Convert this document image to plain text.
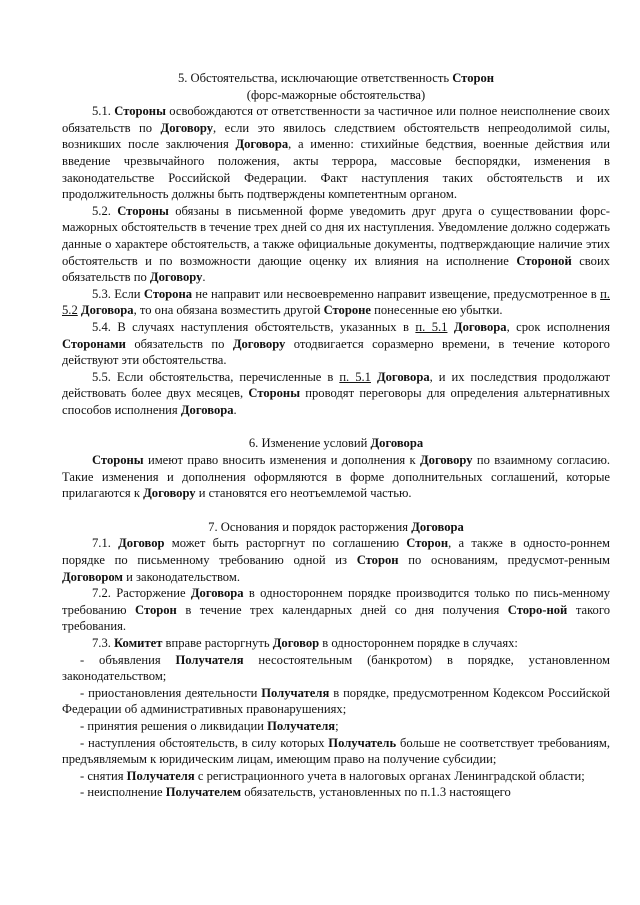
5. Обстоятельства, исключающие ответственность Сторон
(форс-мажорные обстоятельства)
5.1. Стороны освобождаются от ответственности за частичное или полное неисполнение своих обязательств по Договору, если это явилось следствием обстоятельств непреодолимой силы, возникших после заключения Договора, а именно: стихийные бедствия, военные действия или введение чрезвычайного положения, акты террора, массовые беспорядки, изменения в законодательстве Российской Федерации. Факт наступления таких обстоятельств и их продолжительность должны быть подтверждены компетентным органом.
5.2. Стороны обязаны в письменной форме уведомить друг друга о существовании форс-мажорных обстоятельств в течение трех дней со дня их наступления. Уведомление должно содержать данные о характере обстоятельств, а также официальные документы, подтверждающие наличие этих обстоятельств и по возможности дающие оценку их влияния на исполнение Стороной своих обязательств по Договору.
5.3. Если Сторона не направит или несвоевременно направит извещение, предусмотренное в п. 5.2 Договора, то она обязана возместить другой Стороне понесенные ею убытки.
5.4. В случаях наступления обстоятельств, указанных в п. 5.1 Договора, срок исполнения Сторонами обязательств по Договору отодвигается соразмерно времени, в течение которого действуют эти обстоятельства.
5.5. Если обстоятельства, перечисленные в п. 5.1 Договора, и их последствия продолжают действовать более двух месяцев, Стороны проводят переговоры для определения альтернативных способов исполнения Договора.
6. Изменение условий Договора
Стороны имеют право вносить изменения и дополнения к Договору по взаимному согласию. Такие изменения и дополнения оформляются в форме дополнительных соглашений, которые прилагаются к Договору и становятся его неотъемлемой частью.
7. Основания и порядок расторжения Договора
7.1. Договор может быть расторгнут по соглашению Сторон, а также в односто-роннем порядке по письменному требованию одной из Сторон по основаниям, предусмот-ренным Договором и законодательством.
7.2. Расторжение Договора в одностороннем порядке производится только по пись-менному требованию Сторон в течение трех календарных дней со дня получения Сторо-ной такого требования.
7.3. Комитет вправе расторгнуть Договор в одностороннем порядке в случаях:
- объявления Получателя несостоятельным (банкротом) в порядке, установленном законодательством;
- приостановления деятельности Получателя в порядке, предусмотренном Кодексом Российской Федерации об административных правонарушениях;
- принятия решения о ликвидации Получателя;
- наступления обстоятельств, в силу которых Получатель больше не соответствует требованиям, предъявляемым к юридическим лицам, имеющим право на получение субсидии;
- снятия Получателя с регистрационного учета в налоговых органах Ленинградской области;
- неисполнение Получателем обязательств, установленных по п.1.3 настоящего
